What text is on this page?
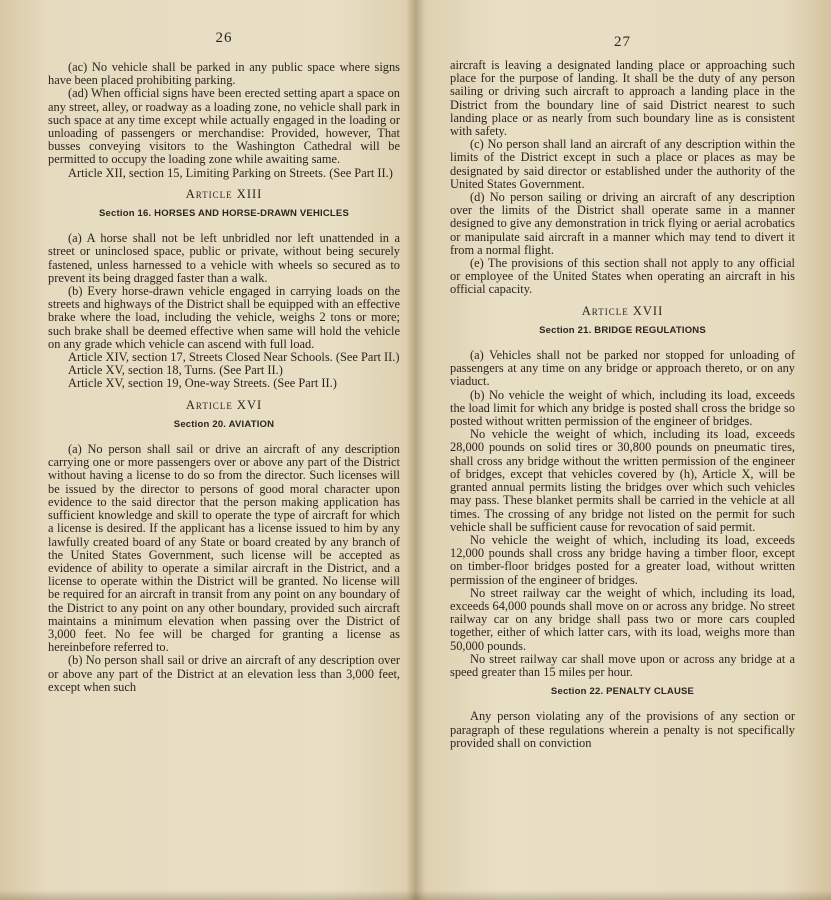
26

(ac) No vehicle shall be parked in any public space where signs have been placed prohibiting parking.

(ad) When official signs have been erected setting apart a space on any street, alley, or roadway as a loading zone, no vehicle shall park in such space at any time except while actually engaged in the loading or unloading of passengers or merchandise: Provided, however, That busses conveying visitors to the Washington Cathedral will be permitted to occupy the loading zone while awaiting same.

Article XII, section 15, Limiting Parking on Streets. (See Part II.)

Article XIII
Section 16. HORSES AND HORSE-DRAWN VEHICLES

(a) A horse shall not be left unbridled nor left unattended in a street or uninclosed space, public or private, without being securely fastened, unless harnessed to a vehicle with wheels so secured as to prevent its being dragged faster than a walk.

(b) Every horse-drawn vehicle engaged in carrying loads on the streets and highways of the District shall be equipped with an effective brake where the load, including the vehicle, weighs 2 tons or more; such brake shall be deemed effective when same will hold the vehicle on any grade which vehicle can ascend with full load.

Article XIV, section 17, Streets Closed Near Schools. (See Part II.)

Article XV, section 18, Turns. (See Part II.)

Article XV, section 19, One-way Streets. (See Part II.)

Article XVI
Section 20. AVIATION

(a) No person shall sail or drive an aircraft of any description carrying one or more passengers over or above any part of the District without having a license to do so from the director. Such licenses will be issued by the director to persons of good moral character upon evidence to the said director that the person making application has sufficient knowledge and skill to operate the type of aircraft for which a license is desired. If the applicant has a license issued to him by any lawfully created board of any State or board created by any branch of the United States Government, such license will be accepted as evidence of ability to operate a similar aircraft in the District, and a license to operate within the District will be granted. No license will be required for an aircraft in transit from any point on any boundary of the District to any point on any other boundary, provided such aircraft maintains a minimum elevation when passing over the District of 3,000 feet. No fee will be charged for granting a license as hereinbefore referred to.

(b) No person shall sail or drive an aircraft of any description over or above any part of the District at an elevation less than 3,000 feet, except when such

27

aircraft is leaving a designated landing place or approaching such place for the purpose of landing. It shall be the duty of any person sailing or driving such aircraft to approach a landing place in the District from the boundary line of said District nearest to such landing place or as nearly from such boundary line as is consistent with safety.

(c) No person shall land an aircraft of any description within the limits of the District except in such a place or places as may be designated by said director or established under the authority of the United States Government.

(d) No person sailing or driving an aircraft of any description over the limits of the District shall operate same in a manner designed to give any demonstration in trick flying or aerial acrobatics or manipulate said aircraft in a manner which may tend to divert it from a normal flight.

(e) The provisions of this section shall not apply to any official or employee of the United States when operating an aircraft in his official capacity.

Article XVII
Section 21. BRIDGE REGULATIONS

(a) Vehicles shall not be parked nor stopped for unloading of passengers at any time on any bridge or approach thereto, or on any viaduct.

(b) No vehicle the weight of which, including its load, exceeds the load limit for which any bridge is posted shall cross the bridge so posted without written permission of the engineer of bridges.

No vehicle the weight of which, including its load, exceeds 28,000 pounds on solid tires or 30,800 pounds on pneumatic tires, shall cross any bridge without the written permission of the engineer of bridges, except that vehicles covered by (h), Article X, will be granted annual permits listing the bridges over which such vehicles may pass. These blanket permits shall be carried in the vehicle at all times. The crossing of any bridge not listed on the permit for such vehicle shall be sufficient cause for revocation of said permit.

No vehicle the weight of which, including its load, exceeds 12,000 pounds shall cross any bridge having a timber floor, except on timber-floor bridges posted for a greater load, without written permission of the engineer of bridges.

No street railway car the weight of which, including its load, exceeds 64,000 pounds shall move on or across any bridge. No street railway car on any bridge shall pass two or more cars coupled together, either of which latter cars, with its load, weighs more than 50,000 pounds.

No street railway car shall move upon or across any bridge at a speed greater than 15 miles per hour.

Section 22. PENALTY CLAUSE

Any person violating any of the provisions of any section or paragraph of these regulations wherein a penalty is not specifically provided shall on conviction
